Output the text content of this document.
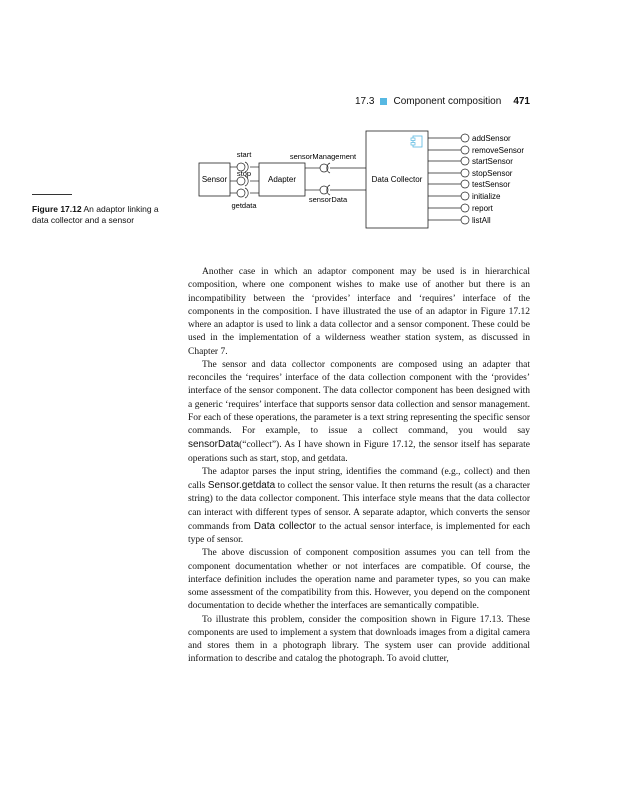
17.3 Component composition 471
Figure 17.12 An adaptor linking a data collector and a sensor
Sensor	Adapter	Data Collector
start
stop
getdata
sensorManagement
sensorData
addSensor
removeSensor
startSensor
stopSensor
testSensor
initialize
report
listAll

Another case in which an adaptor component may be used is in hierarchical composition, where one component wishes to make use of another but there is an incompatibility between the ‘provides’ interface and ‘requires’ interface of the components in the composition. I have illustrated the use of an adaptor in Figure 17.12 where an adaptor is used to link a data collector and a sensor component. These could be used in the implementation of a wilderness weather station system, as discussed in Chapter 7.

The sensor and data collector components are composed using an adapter that reconciles the ‘requires’ interface of the data collection component with the ‘provides’ interface of the sensor component. The data collector component has been designed with a generic ‘requires’ interface that supports sensor data collection and sensor management. For each of these operations, the parameter is a text string representing the specific sensor commands. For example, to issue a collect command, you would say sensorData(“collect”). As I have shown in Figure 17.12, the sensor itself has separate operations such as start, stop, and getdata.

The adaptor parses the input string, identifies the command (e.g., collect) and then calls Sensor.getdata to collect the sensor value. It then returns the result (as a character string) to the data collector component. This interface style means that the data collector can interact with different types of sensor. A separate adaptor, which converts the sensor commands from Data collector to the actual sensor interface, is implemented for each type of sensor.

The above discussion of component composition assumes you can tell from the component documentation whether or not interfaces are compatible. Of course, the interface definition includes the operation name and parameter types, so you can make some assessment of the compatibility from this. However, you depend on the component documentation to decide whether the interfaces are semantically compatible.

To illustrate this problem, consider the composition shown in Figure 17.13. These components are used to implement a system that downloads images from a digital camera and stores them in a photograph library. The system user can provide additional information to describe and catalog the photograph. To avoid clutter,
